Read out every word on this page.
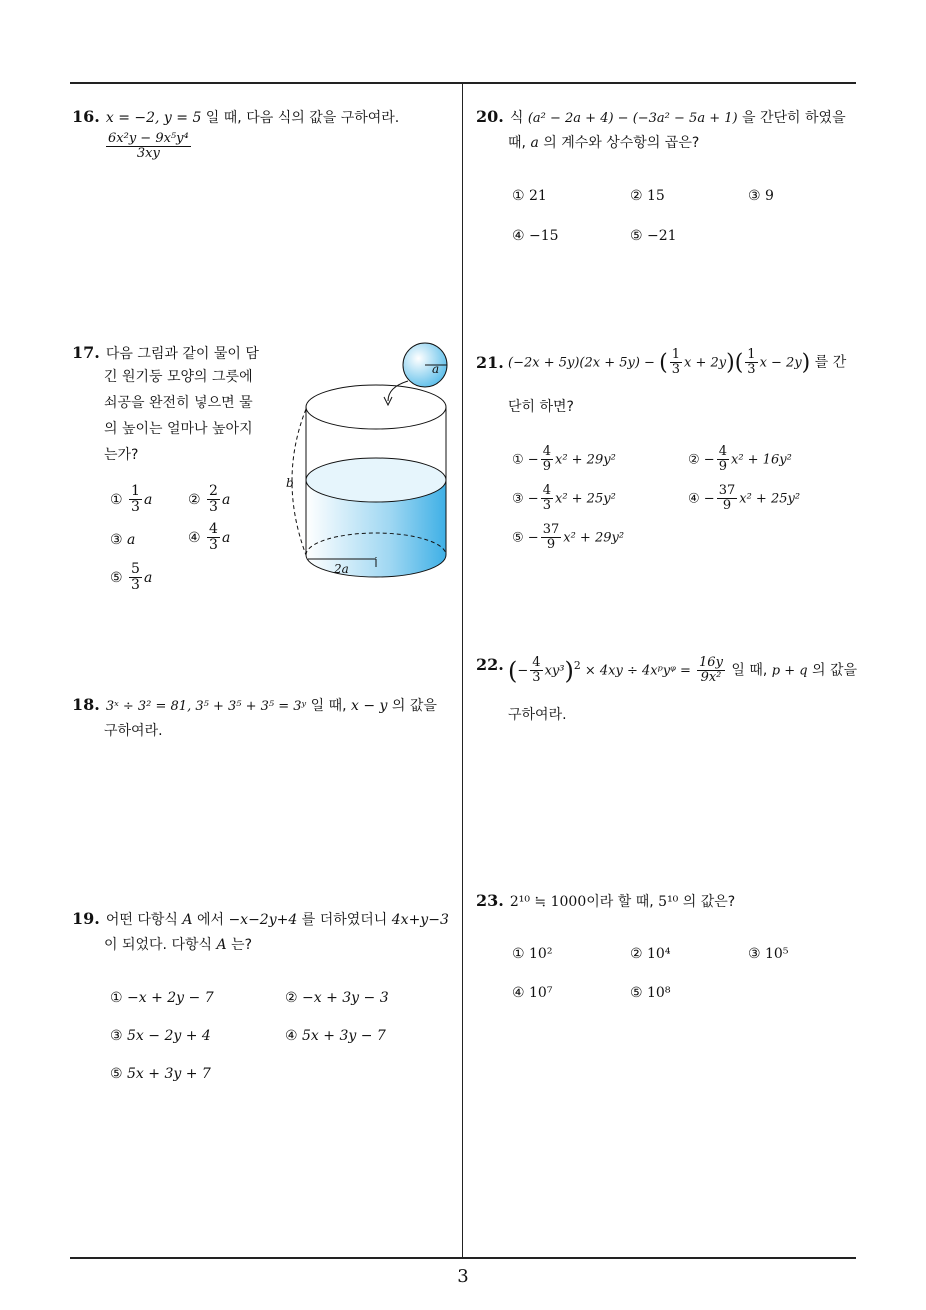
16. x = −2, y = 5 일 때, 다음 식의 값을 구하여라.
$\frac{\text{6x²y − 9x⁵y⁴}}{3xy}$
17. 다음 그림과 같이 물이 담
긴 원기둥 모양의 그릇에
쇠공을 완전히 넣으면 물
의 높이는 얼마나 높아지
는가?
① $\frac{1}{3}$ a	② $\frac{2}{3}$ a
③ a	④ $\frac{4}{3}$ a
⑤ $\frac{5}{3}$ a
a
b
2a
18. 3ˣ ÷ 3² = 81, 3⁵ + 3⁵ + 3⁵ = 3ʸ 일 때, x − y 의 값을
구하여라.
19. 어떤 다항식 A 에서 −x−2y+4 를 더하였더니 4x+y−3
이 되었다. 다항식 A 는?
① −x + 2y − 7	② −x + 3y − 3
③ 5x − 2y + 4	④ 5x + 3y − 7
⑤ 5x + 3y + 7
20. 식 (a² − 2a + 4) − (−3a² − 5a + 1) 을 간단히 하였을
때, a 의 계수와 상수항의 곱은?
① 21	② 15	③ 9
④ −15	⑤ −21
21. (−2x + 5y)(2x + 5y) − ( $\frac{1}{3}$ $x + 2y)( \frac{1}{3}$ x − 2y) 를 간
단히 하면?
① − $\frac{4}{9} x^2 + 29y^2$	② − $\frac{4}{9} x^2 + 16y^2$
③ − $\frac{4}{3} x^2 + 25y^2$	④ − $\frac{37}{9} x^2 + 25y^2$
⑤ − $\frac{37}{9} x^2 + 29y^2$
22. (− $\frac{4}{3} xy^3)^2 \times 4xy$ ÷ 4xᵖyᵠ = $\frac{16y}{\text{9x²}}$ 일 때, p + q 의 값을
구하여라.
23. 2¹⁰ ≒ 1000이라 할 때, 5¹⁰ 의 값은?
① 10²	② 10⁴	③ 10⁵
④ 10⁷	⑤ 10⁸
3
